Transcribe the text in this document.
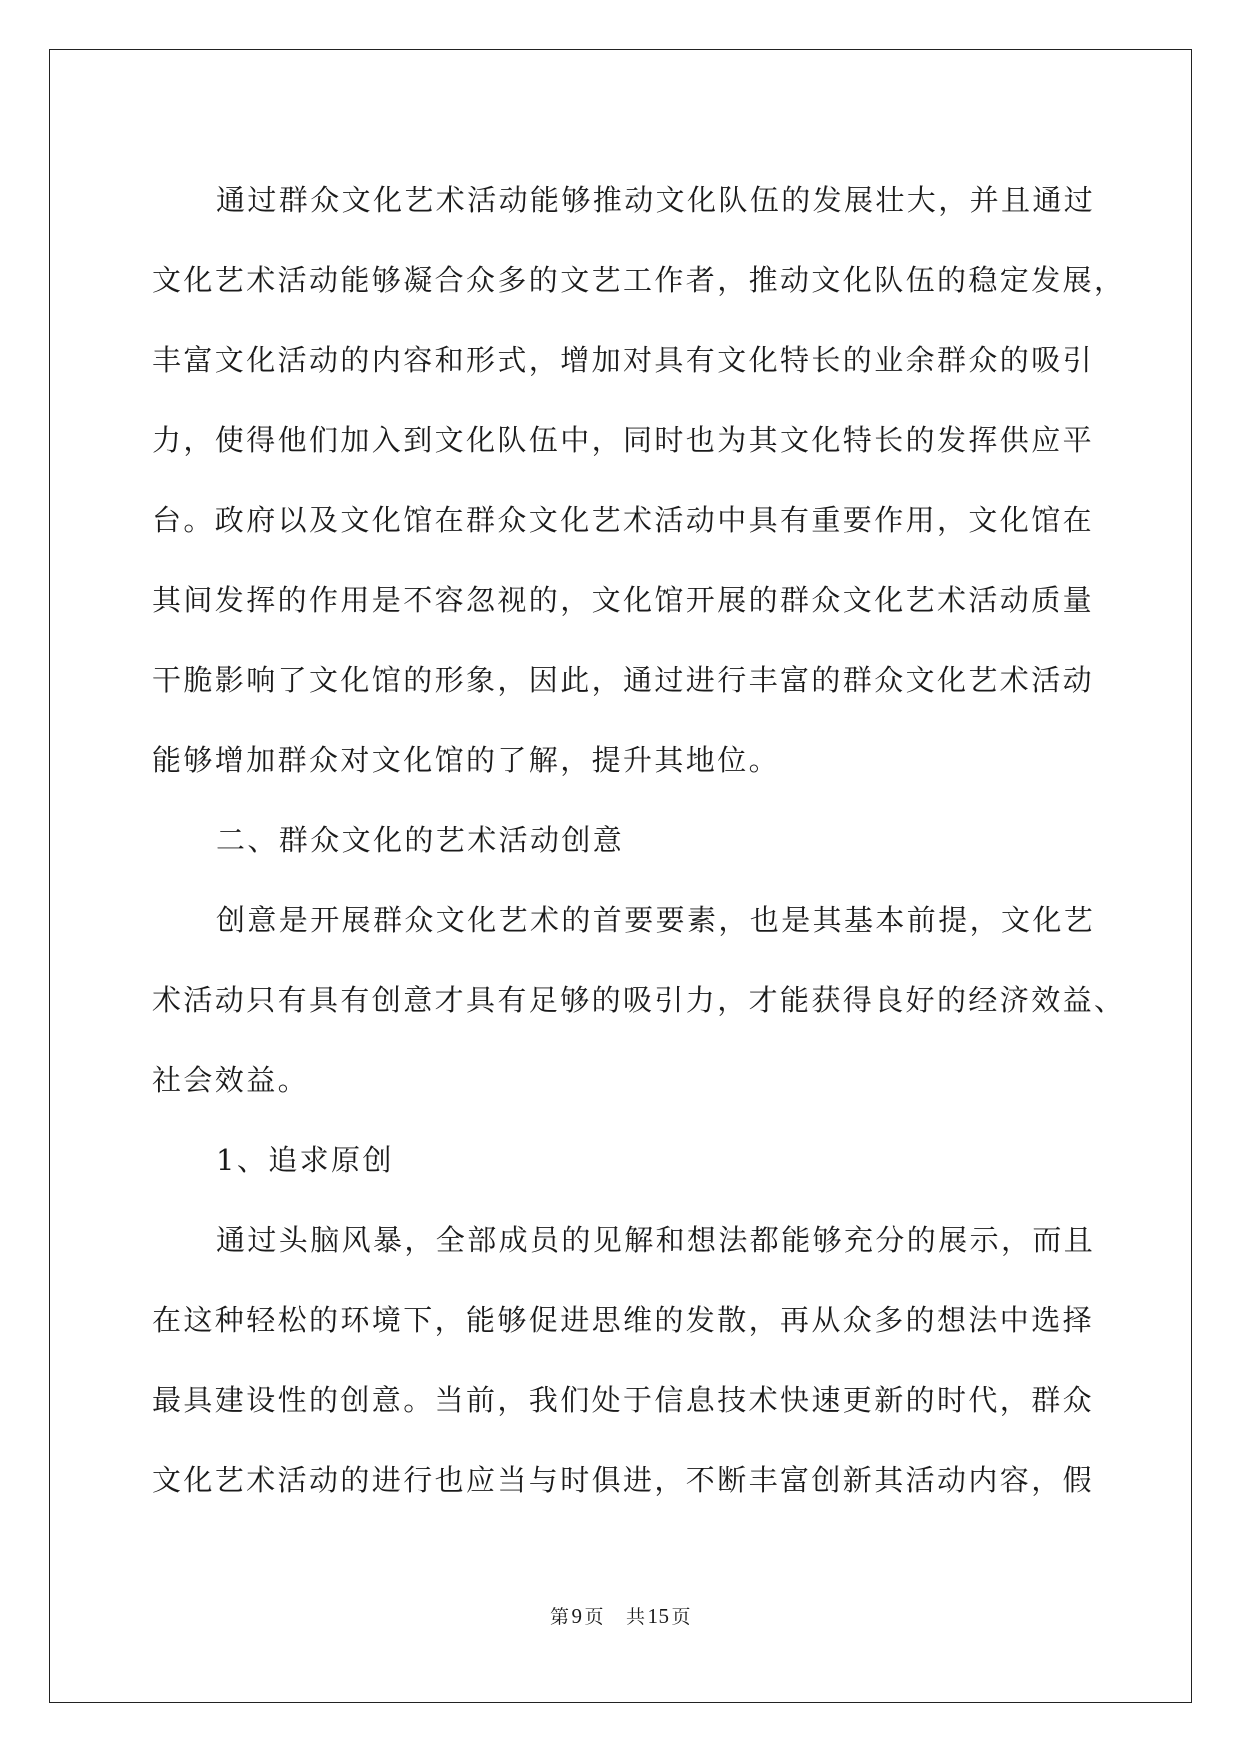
通过群众文化艺术活动能够推动文化队伍的发展壮大，并且通过
文化艺术活动能够凝合众多的文艺工作者，推动文化队伍的稳定发展，
丰富文化活动的内容和形式，增加对具有文化特长的业余群众的吸引
力，使得他们加入到文化队伍中，同时也为其文化特长的发挥供应平
台。政府以及文化馆在群众文化艺术活动中具有重要作用，文化馆在
其间发挥的作用是不容忽视的，文化馆开展的群众文化艺术活动质量
干脆影响了文化馆的形象，因此，通过进行丰富的群众文化艺术活动
能够增加群众对文化馆的了解，提升其地位。
二、群众文化的艺术活动创意
创意是开展群众文化艺术的首要要素，也是其基本前提，文化艺
术活动只有具有创意才具有足够的吸引力，才能获得良好的经济效益、
社会效益。
1、追求原创
通过头脑风暴，全部成员的见解和想法都能够充分的展示，而且
在这种轻松的环境下，能够促进思维的发散，再从众多的想法中选择
最具建设性的创意。当前，我们处于信息技术快速更新的时代，群众
文化艺术活动的进行也应当与时俱进，不断丰富创新其活动内容，假
第9 页 共15 页
